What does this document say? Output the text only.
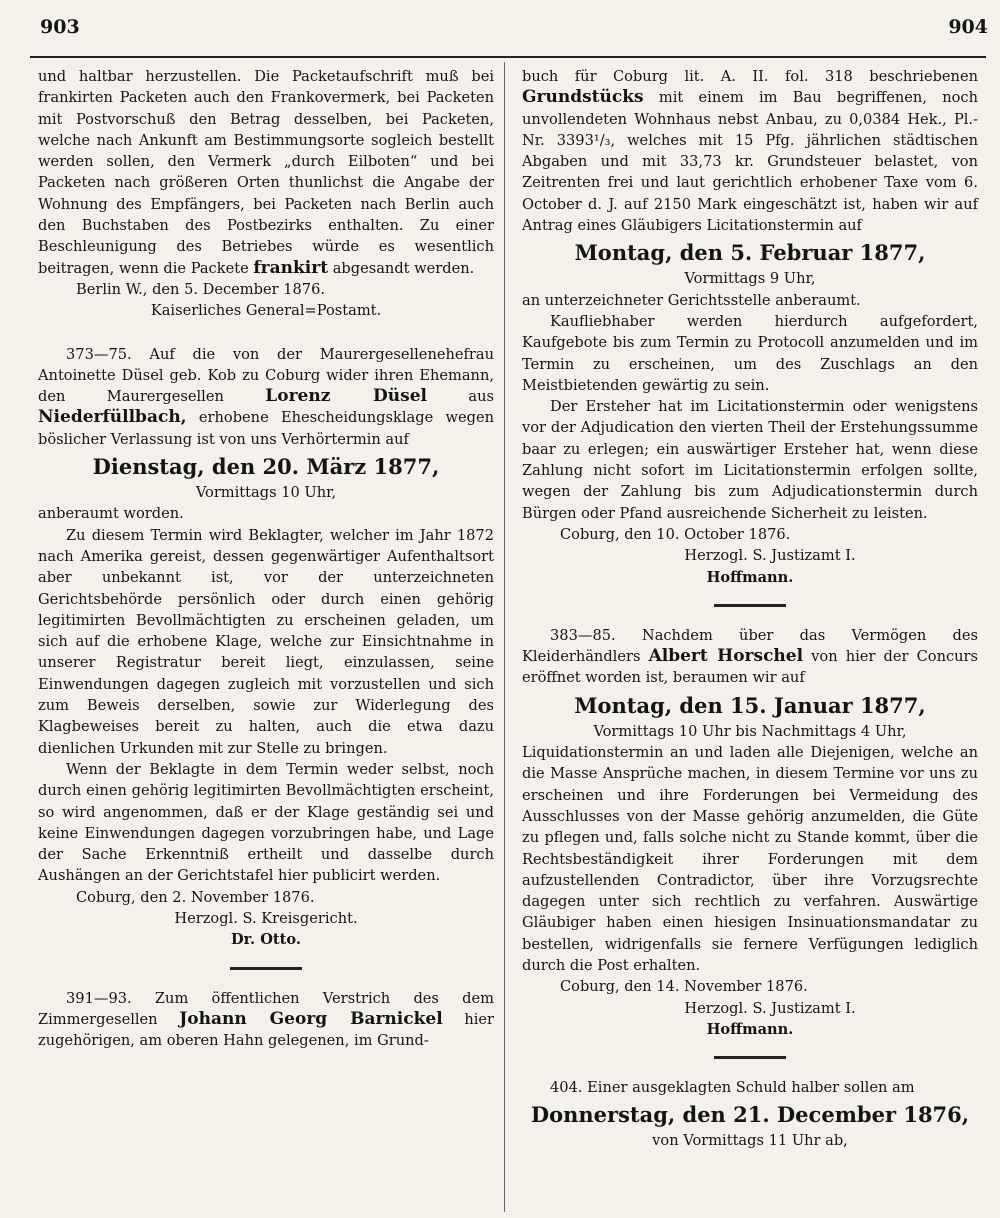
903	904

und haltbar herzustellen. Die Packetaufschrift muß bei frankirten Packeten auch den Frankovermerk, bei Packeten mit Postvorschuß den Betrag desselben, bei Packeten, welche nach Ankunft am Bestimmungsorte sogleich bestellt werden sollen, den Vermerk „durch Eilboten“ und bei Packeten nach größeren Orten thunlichst die Angabe der Wohnung des Empfängers, bei Packeten nach Berlin auch den Buchstaben des Postbezirks enthalten. Zu einer Beschleunigung des Betriebes würde es wesentlich beitragen, wenn die Packete frankirt abgesandt werden.

Berlin W., den 5. December 1876.

Kaiserliches General=Postamt.

373—75. Auf die von der Maurergesellenehefrau Antoinette Düsel geb. Kob zu Coburg wider ihren Ehemann, den Maurergesellen Lorenz Düsel	aus Niederfüllbach, erhobene Ehescheidungsklage wegen böslicher Verlassung ist von uns Verhörtermin auf

Dienstag, den 20. März 1877,

Vormittags 10 Uhr,

anberaumt worden.

Zu diesem Termin wird Beklagter, welcher im Jahr 1872 nach Amerika gereist, dessen gegenwärtiger Aufenthaltsort aber unbekannt ist, vor der unterzeichneten Gerichtsbehörde persönlich oder durch einen gehörig legitimirten Bevollmächtigten zu erscheinen geladen, um sich auf die erhobene Klage, welche zur Einsichtnahme in unserer Registratur bereit liegt, einzulassen, seine Einwendungen dagegen zugleich mit vorzustellen und sich zum Beweis derselben, sowie zur Widerlegung des Klagbeweises bereit zu halten, auch die etwa dazu dienlichen Urkunden mit zur Stelle zu bringen.

Wenn der Beklagte in dem Termin weder selbst, noch durch einen gehörig legitimirten Bevollmächtigten erscheint, so wird angenommen, daß er der Klage geständig sei und keine Einwendungen dagegen vorzubringen habe, und Lage der Sache Erkenntniß ertheilt und dasselbe durch Aushängen an der Gerichtstafel hier publicirt werden.

Coburg, den 2. November 1876.

Herzogl. S. Kreisgericht.

Dr. Otto.

391—93. Zum öffentlichen Verstrich des dem Zimmergesellen Johann Georg Barnickel hier zugehörigen, am oberen Hahn gelegenen, im Grund-

buch für Coburg lit. A. II. fol. 318 beschriebenen Grundstücks mit einem im Bau begriffenen, noch unvollendeten Wohnhaus nebst Anbau, zu 0,0384 Hek., Pl.-Nr. 3393¹/₃, welches mit 15 Pfg. jährlichen städtischen Abgaben und mit 33,73 kr. Grundsteuer belastet, von Zeitrenten frei und laut gerichtlich erhobener Taxe vom 6. October d. J. auf 2150 Mark eingeschätzt ist, haben wir auf Antrag eines Gläubigers Licitationstermin auf

Montag, den 5. Februar 1877,

Vormittags 9 Uhr,

an unterzeichneter Gerichtsstelle anberaumt.

Kaufliebhaber werden hierdurch aufgefordert, Kaufgebote bis zum Termin zu Protocoll anzumelden und im Termin zu erscheinen, um des Zuschlags an den Meistbietenden gewärtig zu sein.

Der Ersteher hat im Licitationstermin oder wenigstens vor der Adjudication den vierten Theil der Erstehungssumme baar zu erlegen; ein auswärtiger Ersteher hat, wenn diese Zahlung nicht sofort im Licitationstermin erfolgen sollte, wegen der Zahlung bis zum Adjudicationstermin durch Bürgen oder Pfand ausreichende Sicherheit zu leisten.

Coburg, den 10. October 1876.

Herzogl. S. Justizamt I.

Hoffmann.

383—85. Nachdem über das Vermögen des Kleiderhändlers Albert Horschel von hier der Concurs eröffnet worden ist, beraumen wir auf

Montag, den 15. Januar 1877,

Vormittags 10 Uhr bis Nachmittags 4 Uhr,

Liquidationstermin an und laden alle Diejenigen, welche an die Masse Ansprüche machen, in diesem Termine vor uns zu erscheinen und ihre Forderungen bei Vermeidung des Ausschlusses von der Masse gehörig anzumelden, die Güte zu pflegen und, falls solche nicht zu Stande kommt, über die Rechtsbeständigkeit ihrer Forderungen mit dem aufzustellenden Contradictor, über ihre Vorzugsrechte dagegen unter sich rechtlich zu verfahren. Auswärtige Gläubiger haben einen hiesigen Insinuationsmandatar zu bestellen, widrigenfalls sie fernere Verfügungen lediglich durch die Post erhalten.

Coburg, den 14. November 1876.

Herzogl. S. Justizamt I.

Hoffmann.

404. Einer ausgeklagten Schuld halber sollen am

Donnerstag, den 21. December 1876,

von Vormittags 11 Uhr ab,
